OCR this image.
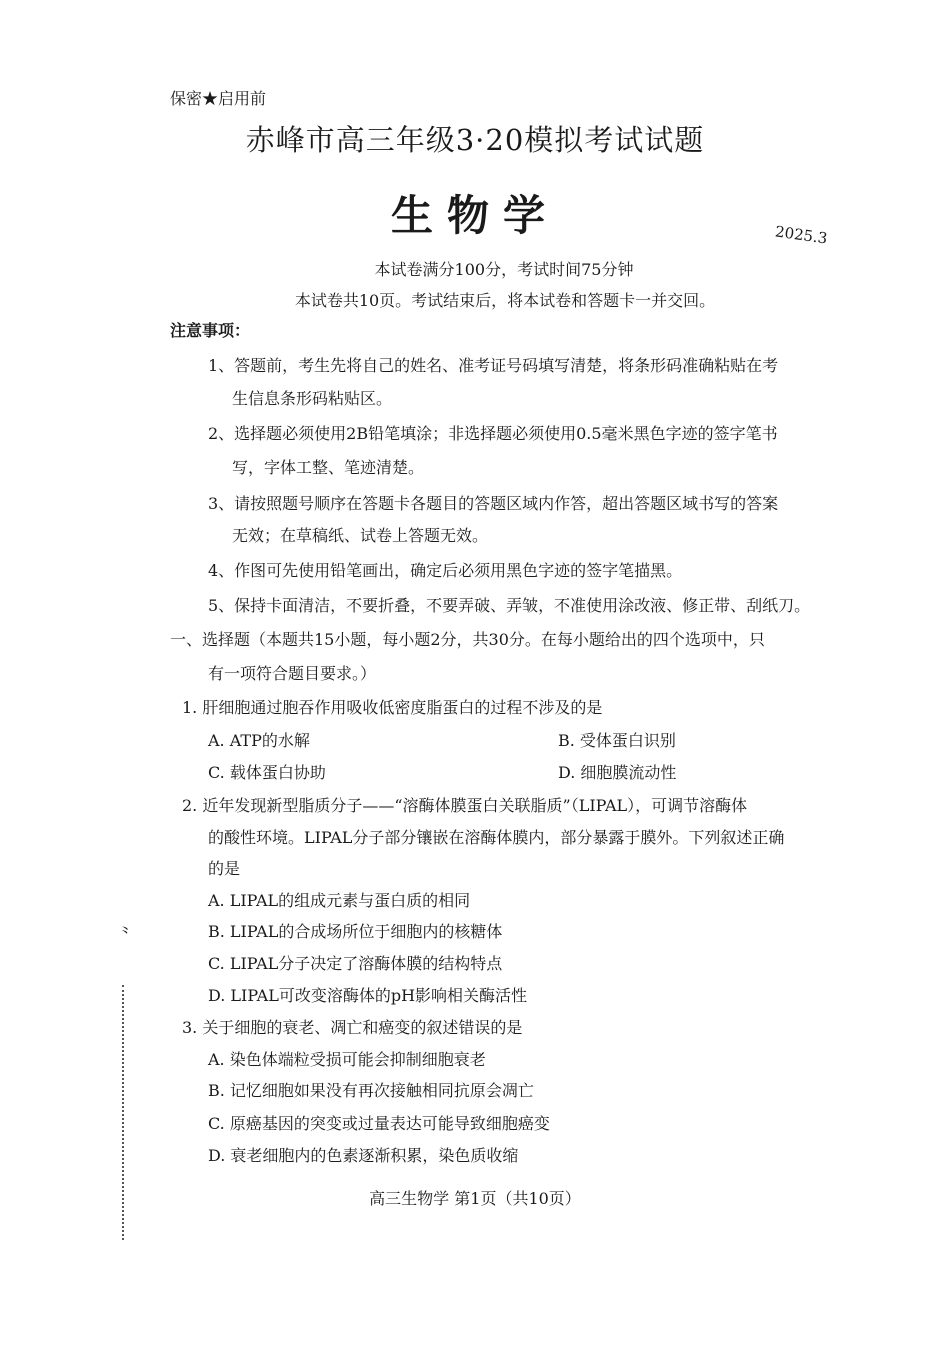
保密★启用前
赤峰市高三年级3·20模拟考试试题
生物学	2025.3
本试卷满分100分，考试时间75分钟
本试卷共10页。考试结束后，将本试卷和答题卡一并交回。
注意事项：
1、答题前，考生先将自己的姓名、准考证号码填写清楚，将条形码准确粘贴在考
生信息条形码粘贴区。
2、选择题必须使用2B铅笔填涂；非选择题必须使用0.5毫米黑色字迹的签字笔书
写，字体工整、笔迹清楚。
3、请按照题号顺序在答题卡各题目的答题区域内作答，超出答题区域书写的答案
无效；在草稿纸、试卷上答题无效。
4、作图可先使用铅笔画出，确定后必须用黑色字迹的签字笔描黑。
5、保持卡面清洁，不要折叠，不要弄破、弄皱，不准使用涂改液、修正带、刮纸刀。
一、选择题（本题共15小题，每小题2分，共30分。在每小题给出的四个选项中，只
有一项符合题目要求。）
1. 肝细胞通过胞吞作用吸收低密度脂蛋白的过程不涉及的是
A. ATP的水解	B. 受体蛋白识别
C. 载体蛋白协助	D. 细胞膜流动性
2. 近年发现新型脂质分子——“溶酶体膜蛋白关联脂质”（LIPAL），可调节溶酶体
的酸性环境。LIPAL分子部分镶嵌在溶酶体膜内，部分暴露于膜外。下列叙述正确
的是
A. LIPAL的组成元素与蛋白质的相同
B. LIPAL的合成场所位于细胞内的核糖体
C. LIPAL分子决定了溶酶体膜的结构特点
D. LIPAL可改变溶酶体的pH影响相关酶活性
3. 关于细胞的衰老、凋亡和癌变的叙述错误的是
A. 染色体端粒受损可能会抑制细胞衰老
B. 记忆细胞如果没有再次接触相同抗原会凋亡
C. 原癌基因的突变或过量表达可能导致细胞癌变
D. 衰老细胞内的色素逐渐积累，染色质收缩
⺀
高三生物学 第1页（共10页）
